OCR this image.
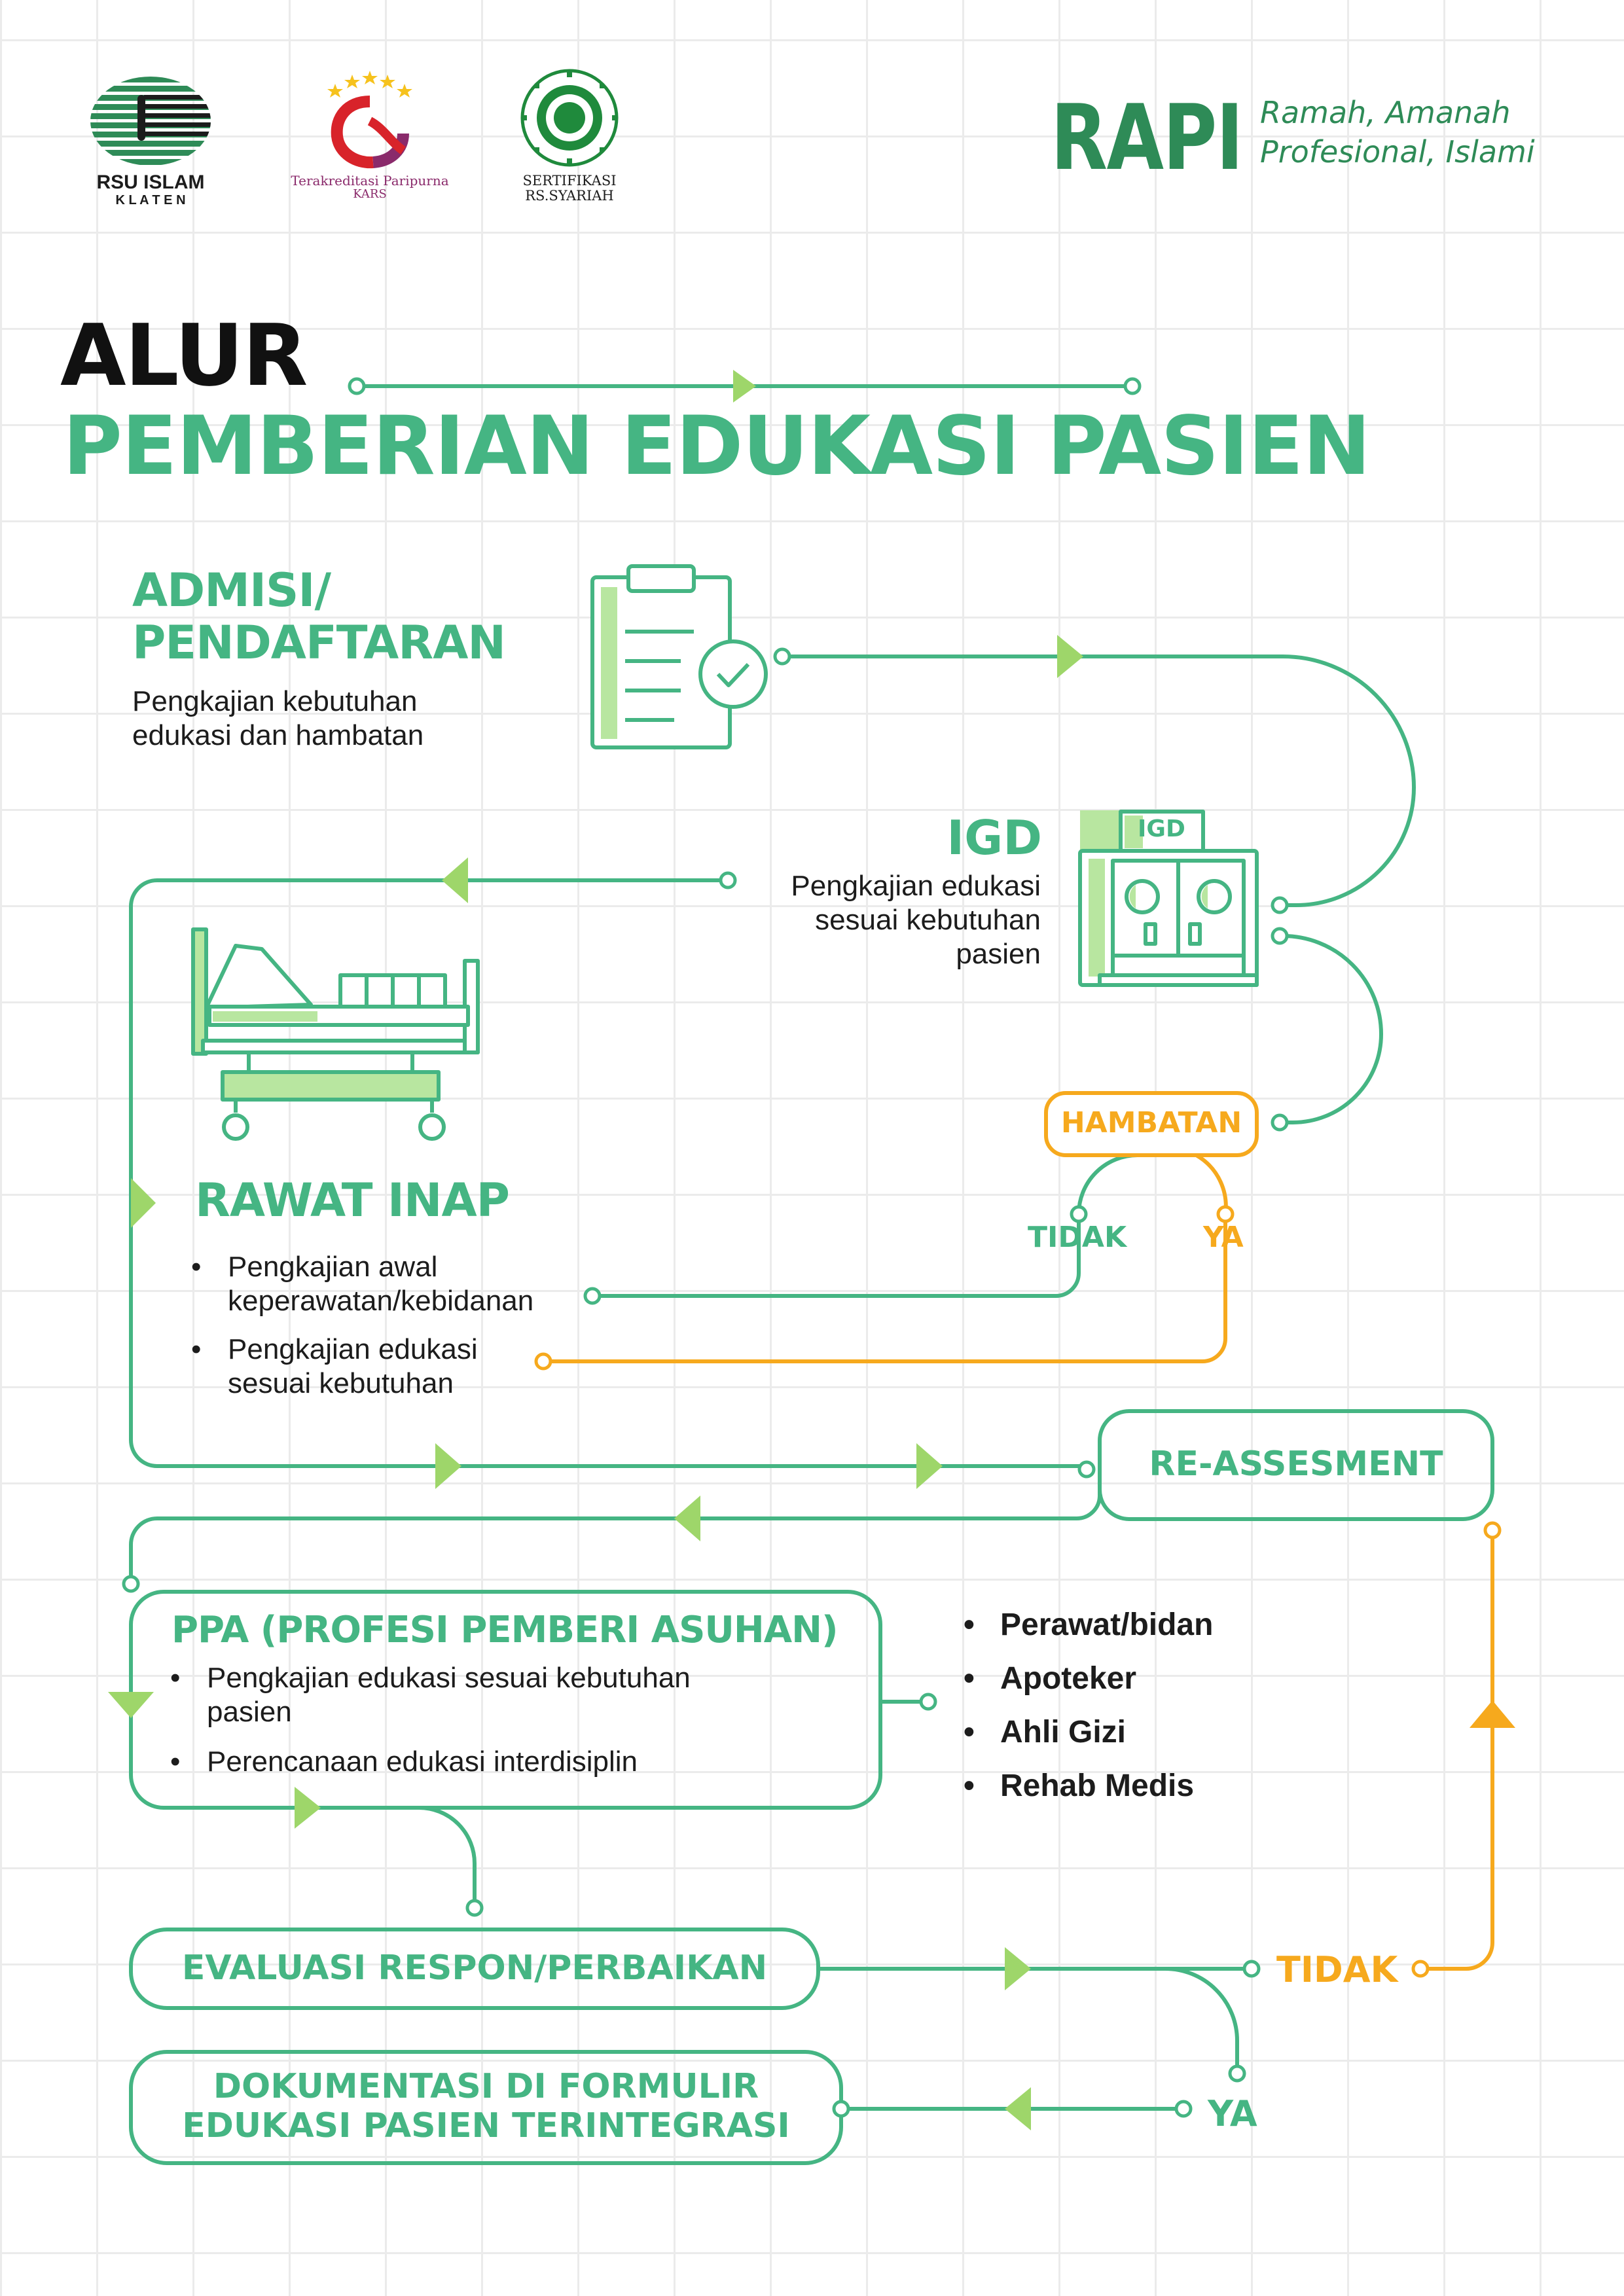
RSU ISLAM
K L A T E N
Terakreditasi Paripurna
KARS
SERTIFIKASI
RS.SYARIAH
RAPI Ramah, Amanah
Profesional, Islami
ALUR
PEMBERIAN EDUKASI PASIEN
ADMISI/
PENDAFTARAN
Pengkajian kebutuhan
edukasi dan hambatan
IGD
IGD
Pengkajian edukasi
sesuai kebutuhan
pasien
HAMBATAN
TIDAK	YA
RAWAT INAP
• Pengkajian awal
keperawatan/kebidanan
• Pengkajian edukasi
sesuai kebutuhan
RE-ASSESMENT
PPA (PROFESI PEMBERI ASUHAN)
• Pengkajian edukasi sesuai kebutuhan
pasien
• Perencanaan edukasi interdisiplin
• Perawat/bidan
• Apoteker
• Ahli Gizi
• Rehab Medis
EVALUASI RESPON/PERBAIKAN	TIDAK
YA
DOKUMENTASI DI FORMULIR
EDUKASI PASIEN TERINTEGRASI
